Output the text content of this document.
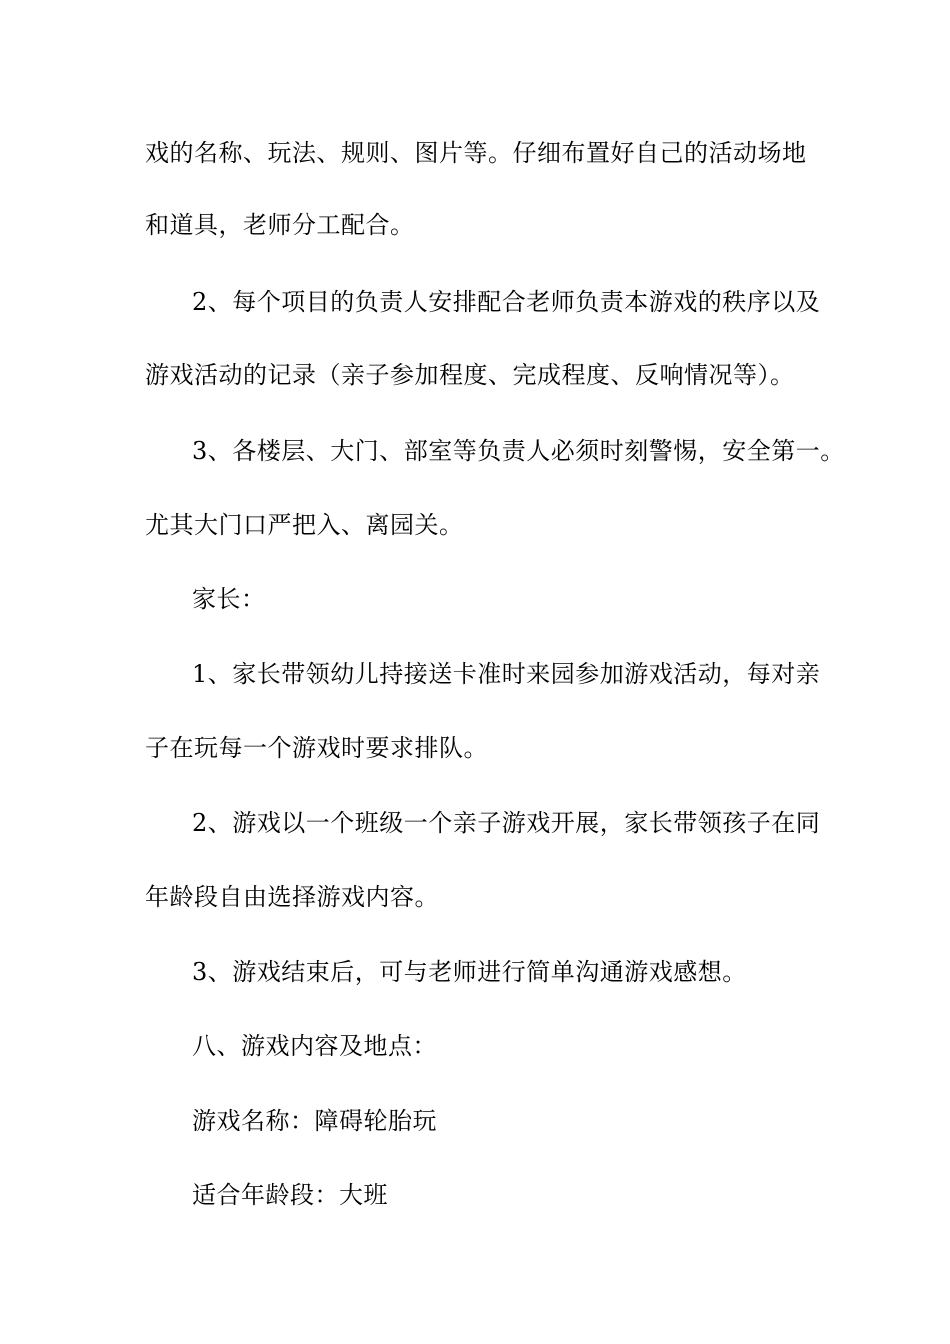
戏的名称、玩法、规则、图片等。仔细布置好自己的活动场地
和道具，老师分工配合。
2、每个项目的负责人安排配合老师负责本游戏的秩序以及
游戏活动的记录（亲子参加程度、完成程度、反响情况等）。
3、各楼层、大门、部室等负责人必须时刻警惕，安全第一。
尤其大门口严把入、离园关。
家长：
1、家长带领幼儿持接送卡准时来园参加游戏活动，每对亲
子在玩每一个游戏时要求排队。
2、游戏以一个班级一个亲子游戏开展，家长带领孩子在同
年龄段自由选择游戏内容。
3、游戏结束后，可与老师进行简单沟通游戏感想。
八、游戏内容及地点：
游戏名称：障碍轮胎玩
适合年龄段：大班
